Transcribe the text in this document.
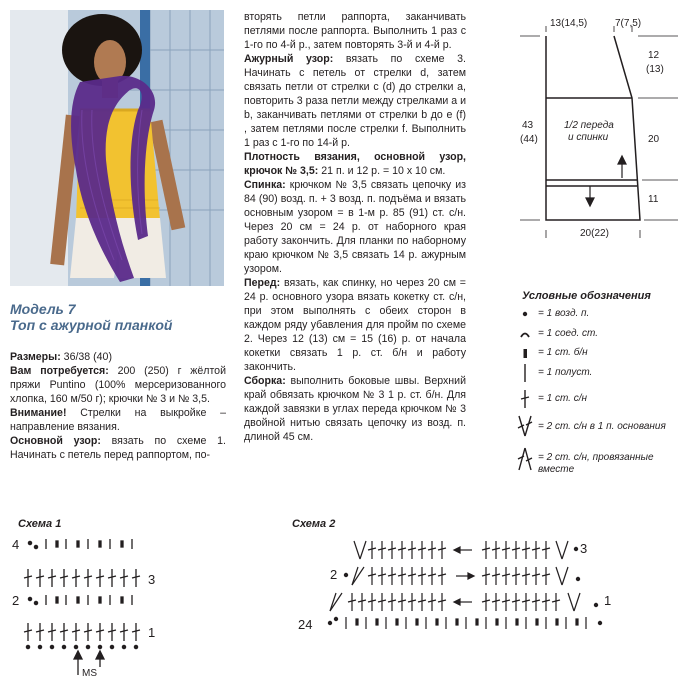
Модель 7
Топ с ажурной планкой

Размеры: 36/38 (40)

Вам потребуется: 200 (250) г жёлтой пряжи Puntino (100% мерсеризованного хлопка, 160 м/50 г); крючки № 3 и № 3,5.

Внимание! Стрелки на выкройке – направление вязания.

Основной узор: вязать по схеме 1. Начинать с петель перед раппортом, по-

вторять петли раппорта, заканчивать петлями после раппорта. Выполнить 1 раз с 1-го по 4-й р., затем повторять 3-й и 4-й р.

Ажурный узор: вязать по схеме 3. Начинать с петель от стрелки d, затем связать петли от стрелки с (d) до стрелки а, повторить 3 раза петли между стрелками а и b, заканчивать петлями от стрелки b до е (f) , затем петлями после стрелки f. Выполнить 1 раз с 1-го по 14-й р.

Плотность вязания, основной узор, крючок № 3,5: 21 п. и 12 р. = 10 х 10 см.

Спинка: крючком № 3,5 связать цепочку из 84 (90) возд. п. + 3 возд. п. подъёма и вязать основным узором = в 1-м р. 85 (91) ст. с/н. Через 20 см = 24 р. от наборного края работу закончить. Для планки по наборному краю крючком № 3,5 связать 14 р. ажурным узором.

Перед: вязать, как спинку, но через 20 см = 24 р. основного узора вязать кокетку ст. с/н, при этом выполнять с обеих сторон в каждом ряду убавления для пройм по схеме 2. Через 12 (13) см = 15 (16) р. от начала кокетки связать 1 р. ст. б/н и работу закончить.

Сборка: выполнить боковые швы. Верхний край обвязать крючком № 3 1 р. ст. б/н. Для каждой завязки в углах переда крючком № 3 двойной нитью связать цепочку из возд. п. длиной 45 см.

13(14,5)	7(7,5)
12
(13)
20
11
43
(44)
1/2 переда
и спинки
20(22)
Условные обозначения
= 1 возд. п.
= 1 соед. ст.
= 1 ст. б/н
= 1 полуст.
= 1 ст. с/н
= 2 ст. с/н в 1 п. основания
= 2 ст. с/н, провязанные
вместе
Схема 1
4
3
2
1
MS
Схема 2
3
2
1
24
